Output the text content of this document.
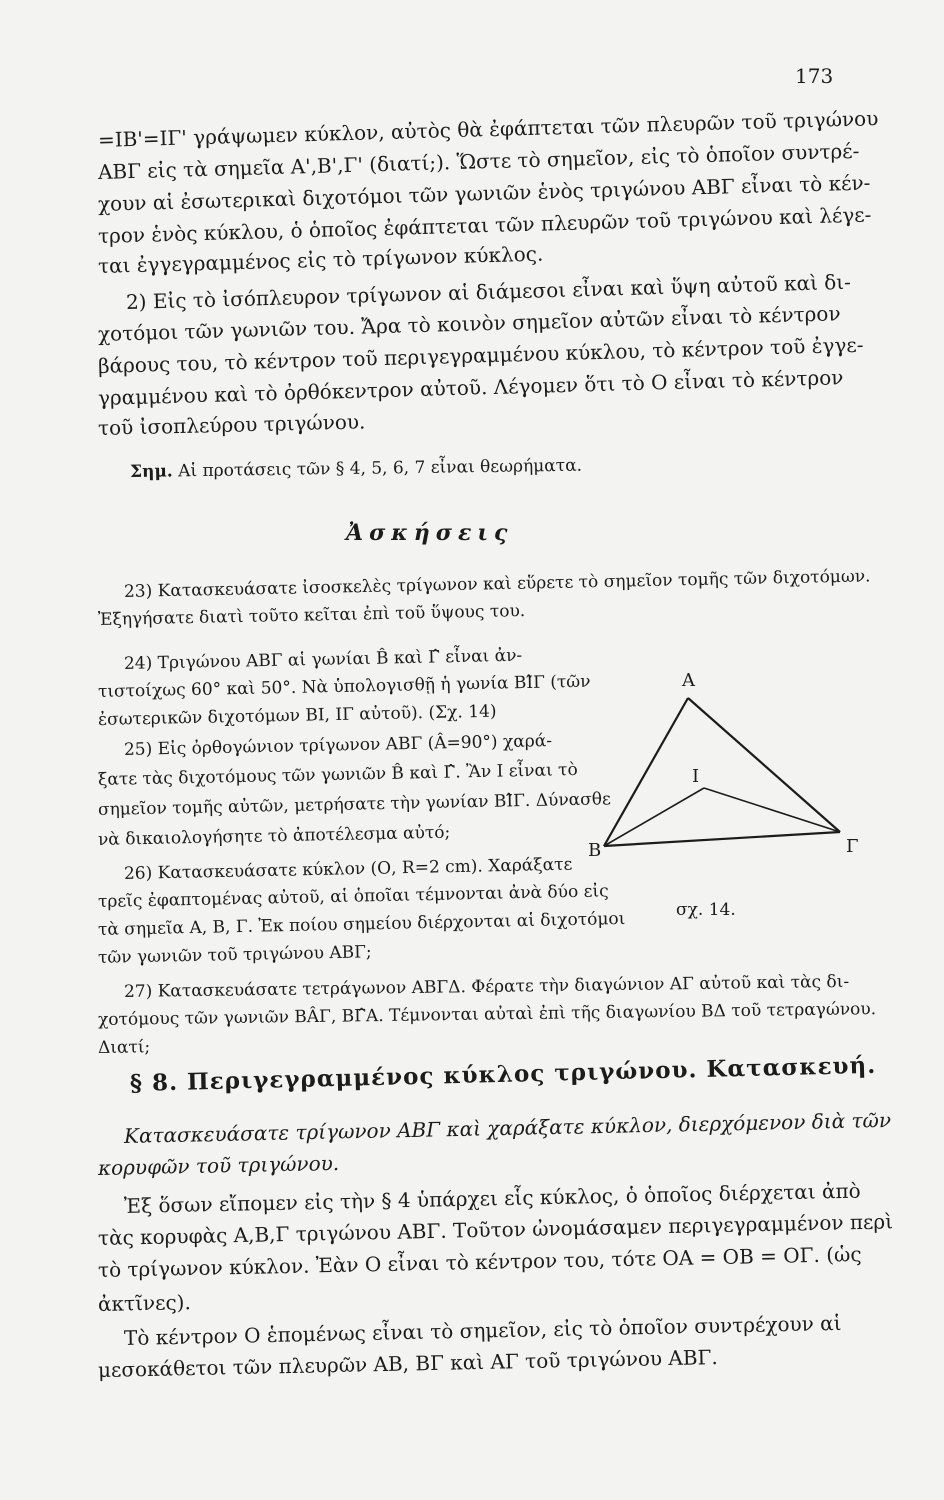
173
=ΙΒ'=ΙΓ' γράψωμεν κύκλον, αὐτὸς θὰ ἐφάπτεται τῶν πλευρῶν τοῦ τριγώνου
ΑΒΓ εἰς τὰ σημεῖα Α',Β',Γ' (διατί;). Ὥστε τὸ σημεῖον, εἰς τὸ ὁποῖον συντρέ-
χουν αἱ ἐσωτερικαὶ διχοτόμοι τῶν γωνιῶν ἑνὸς τριγώνου ΑΒΓ εἶναι τὸ κέν-
τρον ἑνὸς κύκλου, ὁ ὁποῖος ἐφάπτεται τῶν πλευρῶν τοῦ τριγώνου καὶ λέγε-
ται ἐγγεγραμμένος εἰς τὸ τρίγωνον κύκλος.
2) Εἰς τὸ ἰσόπλευρον τρίγωνον αἱ διάμεσοι εἶναι καὶ ὕψη αὐτοῦ καὶ δι-
χοτόμοι τῶν γωνιῶν του. Ἄρα τὸ κοινὸν σημεῖον αὐτῶν εἶναι τὸ κέντρον
βάρους του, τὸ κέντρον τοῦ περιγεγραμμένου κύκλου, τὸ κέντρον τοῦ ἐγγε-
γραμμένου καὶ τὸ ὀρθόκεντρον αὐτοῦ. Λέγομεν ὅτι τὸ Ο εἶναι τὸ κέντρον
τοῦ ἰσοπλεύρου τριγώνου.
Σημ. Αἱ προτάσεις τῶν § 4, 5, 6, 7 εἶναι θεωρήματα.
Ἀσκήσεις
23) Κατασκευάσατε ἰσοσκελὲς τρίγωνον καὶ εὕρετε τὸ σημεῖον τομῆς τῶν διχοτόμων.
Ἐξηγήσατε διατὶ τοῦτο κεῖται ἐπὶ τοῦ ὕψους του.
24) Τριγώνου ΑΒΓ αἱ γωνίαι B̂ καὶ Γ̂ εἶναι ἀν-
τιστοίχως 60° καὶ 50°. Νὰ ὑπολογισθῇ ἡ γωνία ΒΙ̂Γ (τῶν
ἐσωτερικῶν διχοτόμων ΒΙ, ΙΓ αὐτοῦ). (Σχ. 14)
25) Εἰς ὀρθογώνιον τρίγωνον ΑΒΓ (Â=90°) χαρά-
ξατε τὰς διχοτόμους τῶν γωνιῶν B̂ καὶ Γ̂. Ἂν Ι εἶναι τὸ
σημεῖον τομῆς αὐτῶν, μετρήσατε τὴν γωνίαν ΒΙ̂Γ. Δύνασθε
νὰ δικαιολογήσητε τὸ ἀποτέλεσμα αὐτό;
26) Κατασκευάσατε κύκλον (Ο, R=2 cm). Χαράξατε
τρεῖς ἐφαπτομένας αὐτοῦ, αἱ ὁποῖαι τέμνονται ἀνὰ δύο εἰς
τὰ σημεῖα Α, Β, Γ. Ἐκ ποίου σημείου διέρχονται αἱ διχοτόμοι
τῶν γωνιῶν τοῦ τριγώνου ΑΒΓ;
27) Κατασκευάσατε τετράγωνον ΑΒΓΔ. Φέρατε τὴν διαγώνιον ΑΓ αὐτοῦ καὶ τὰς δι-
χοτόμους τῶν γωνιῶν ΒÂΓ, ΒΓ̂Α. Τέμνονται αὐταὶ ἐπὶ τῆς διαγωνίου ΒΔ τοῦ τετραγώνου.
Διατί;
A
B	Γ
I
σχ. 14.
§ 8. Περιγεγραμμένος κύκλος τριγώνου. Κατασκευή.
Κατασκευάσατε τρίγωνον ΑΒΓ καὶ χαράξατε κύκλον, διερχόμενον διὰ τῶν
κορυφῶν τοῦ τριγώνου.
Ἐξ ὅσων εἴπομεν εἰς τὴν § 4 ὑπάρχει εἷς κύκλος, ὁ ὁποῖος διέρχεται ἀπὸ
τὰς κορυφὰς Α,Β,Γ τριγώνου ΑΒΓ. Τοῦτον ὠνομάσαμεν περιγεγραμμένον περὶ
τὸ τρίγωνον κύκλον. Ἐὰν Ο εἶναι τὸ κέντρον του, τότε ΟΑ = ΟΒ = ΟΓ. (ὡς
ἀκτῖνες).
Τὸ κέντρον Ο ἑπομένως εἶναι τὸ σημεῖον, εἰς τὸ ὁποῖον συντρέχουν αἱ
μεσοκάθετοι τῶν πλευρῶν ΑΒ, ΒΓ καὶ ΑΓ τοῦ τριγώνου ΑΒΓ.
